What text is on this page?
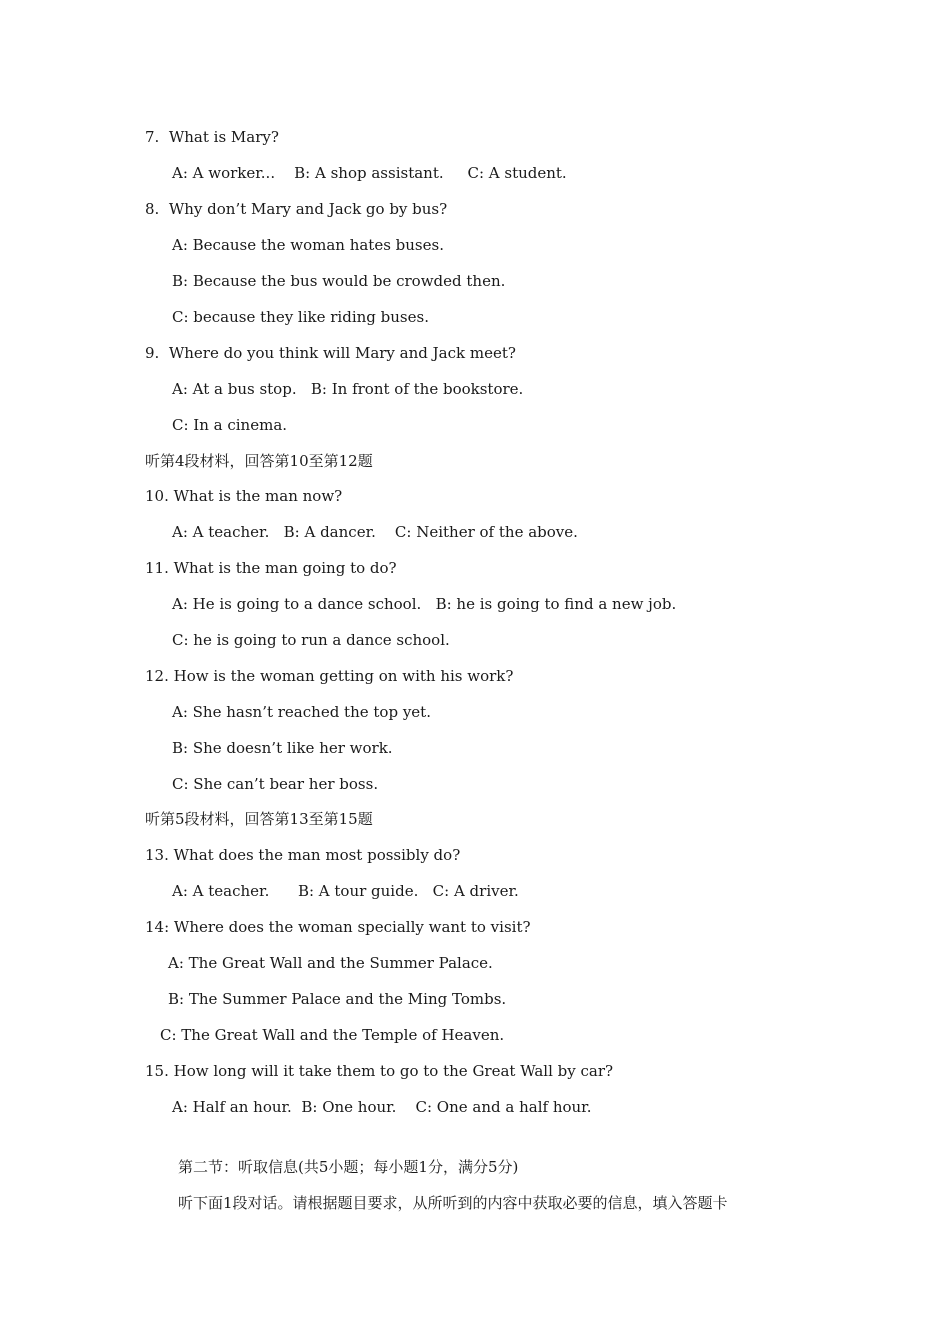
7.  What is Mary?
A: A worker...    B: A shop assistant.     C: A student.
8.  Why don’t Mary and Jack go by bus?
A: Because the woman hates buses.
B: Because the bus would be crowded then.
C: because they like riding buses.
9.  Where do you think will Mary and Jack meet?
A: At a bus stop.   B: In front of the bookstore.
C: In a cinema.
听第4段材料，回答第10至第12题
10. What is the man now?
A: A teacher.   B: A dancer.    C: Neither of the above.
11. What is the man going to do?
A: He is going to a dance school.   B: he is going to find a new job.
C: he is going to run a dance school.
12. How is the woman getting on with his work?
A: She hasn’t reached the top yet.
B: She doesn’t like her work.
C: She can’t bear her boss.
听第5段材料，回答第13至第15题
13. What does the man most possibly do?
A: A teacher.      B: A tour guide.   C: A driver.
14: Where does the woman specially want to visit?
A: The Great Wall and the Summer Palace.
B: The Summer Palace and the Ming Tombs.
C: The Great Wall and the Temple of Heaven.
15. How long will it take them to go to the Great Wall by car?
A: Half an hour.  B: One hour.    C: One and a half hour.
第二节：听取信息(共5小题；每小题1分，满分5分)
听下面1段对话。请根据题目要求，从所听到的内容中获取必要的信息，填入答题卡
